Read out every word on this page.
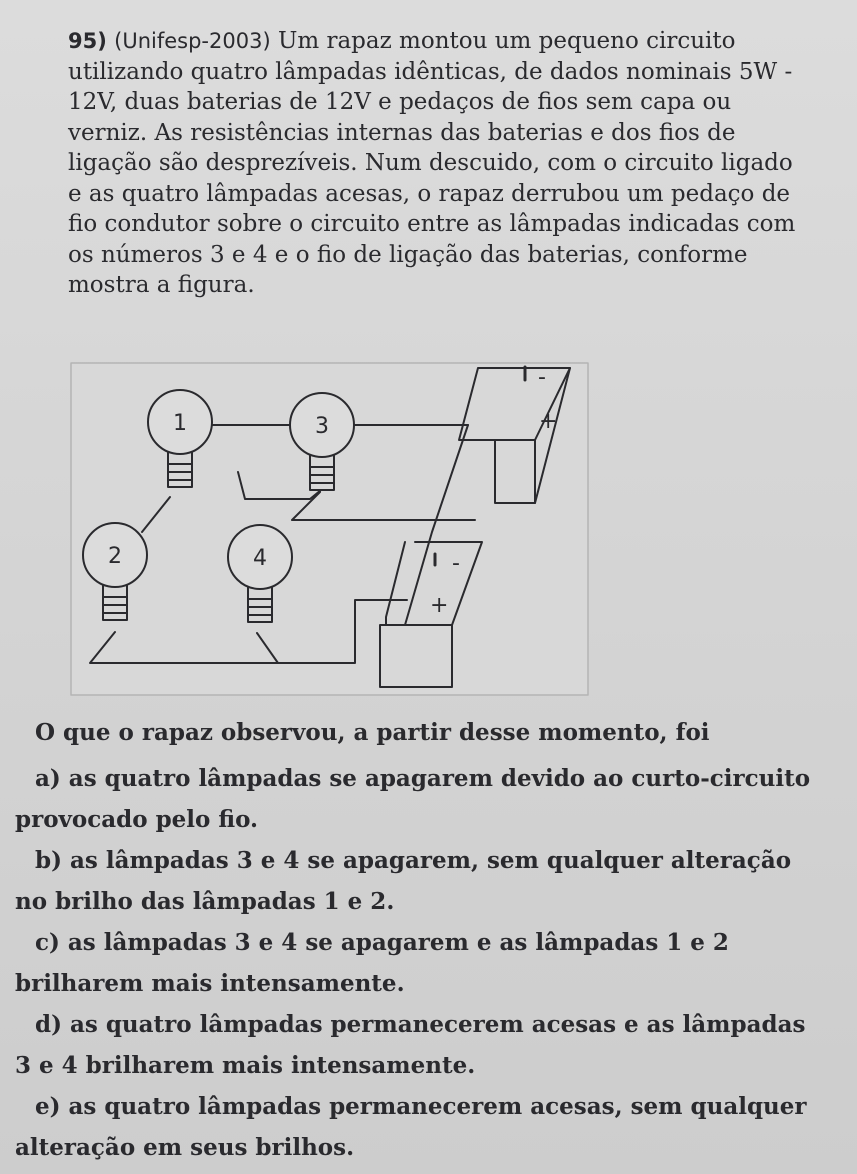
95) (Unifesp-2003) Um rapaz montou um pequeno circuito utilizando quatro lâmpadas idênticas, de dados nominais 5W - 12V, duas baterias de 12V e pedaços de fios sem capa ou verniz. As resistências internas das baterias e dos fios de ligação são desprezíveis. Num descuido, com o circuito ligado e as quatro lâmpadas acesas, o rapaz derrubou um pedaço de fio condutor sobre o circuito entre as lâmpadas indicadas com os números 3 e 4 e o fio de ligação das baterias, conforme mostra a figura.
-
+
-
+
1	3
2	4
O que o rapaz observou, a partir desse momento, foi

a) as quatro lâmpadas se apagarem devido ao curto-circuito provocado pelo fio.

b) as lâmpadas 3 e 4 se apagarem, sem qualquer alteração no brilho das lâmpadas 1 e 2.

c) as lâmpadas 3 e 4 se apagarem e as lâmpadas 1 e 2 brilharem mais intensamente.

d) as quatro lâmpadas permanecerem acesas e as lâmpadas 3 e 4 brilharem mais intensamente.

e) as quatro lâmpadas permanecerem acesas, sem qualquer alteração em seus brilhos.
